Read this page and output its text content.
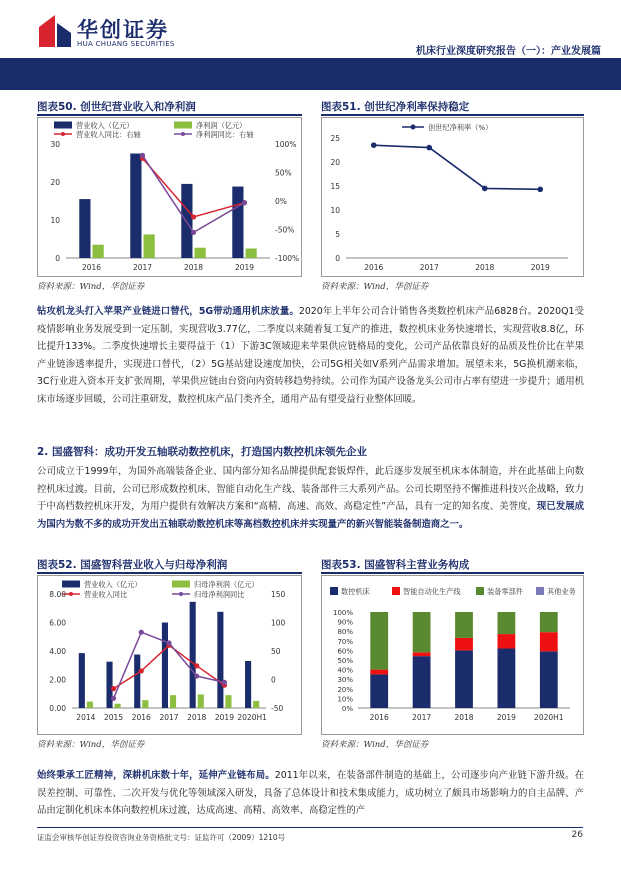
华创证券
HUA CHUANG SECURITIES
机床行业深度研究报告（一）：产业发展篇
图表50. 创世纪营业收入和净利润
营业收入（亿元）	净利润（亿元）
营业收入同比：右轴	净利润同比：右轴
0
10
20
30
-100%
-50%
0%
50%
100%
2016	2017	2018	2019
资料来源：Wind，华创证券
图表51. 创世纪净利率保持稳定
创世纪净利率（%）
0
5
10
15
20
25
2016	2017	2018	2019
资料来源：Wind，华创证券
钻攻机龙头打入苹果产业链进口替代，5G带动通用机床放量。2020年上半年公司合计销售各类数控机床产品6828台。2020Q1受疫情影响业务发展受到一定压制，实现营收3.77亿，二季度以来随着复工复产的推进，数控机床业务快速增长，实现营收8.8亿，环比提升133%。二季度快速增长主要得益于（1）下游3C领域迎来苹果供应链格局的变化，公司产品依靠良好的品质及性价比在苹果产业链渗透率提升，实现进口替代，（2）5G基站建设速度加快，公司5G相关如V系列产品需求增加。展望未来，5G换机潮来临，3C行业进入资本开支扩张周期，苹果供应链由台资向内资转移趋势持续。公司作为国产设备龙头公司市占率有望进一步提升；通用机床市场逐步回暖，公司注重研发，数控机床产品门类齐全，通用产品有望受益行业整体回暖。
2. 国盛智科：成功开发五轴联动数控机床，打造国内数控机床领先企业
公司成立于1999年，为国外高端装备企业、国内部分知名品牌提供配套钣焊件，此后逐步发展至机床本体制造，并在此基础上向数控机床过渡。目前，公司已形成数控机床、智能自动化生产线、装备部件三大系列产品。公司长期坚持不懈推进科技兴企战略，致力于中高档数控机床开发，为用户提供有效解决方案和“高精、高速、高效、高稳定性”产品，具有一定的知名度、美誉度，现已发展成为国内为数不多的成功开发出五轴联动数控机床等高档数控机床并实现量产的新兴智能装备制造商之一。
图表52. 国盛智科营业收入与归母净利润
营业收入（亿元）	归母净利润（亿元）
营业收入同比	归母净利润同比
0.00
2.00
4.00
6.00
8.00
-50
0
50
100
150
2014 2015 2016 2017 2018 2019 2020H1
资料来源：Wind，华创证券
图表53. 国盛智科主营业务构成
数控机床	智能自动化生产线	装备零部件	其他业务
0%
10%
20%
30%
40%
50%
60%
70%
80%
90%
100%
2016	2017	2018	2019 2020H1
资料来源：Wind，华创证券
始终秉承工匠精神，深耕机床数十年，延伸产业链布局。2011年以来，在装备部件制造的基础上，公司逐步向产业链下游升级。在误差控制、可靠性、二次开发与优化等领域深入研发，具备了总体设计和技术集成能力，成功树立了颇具市场影响力的自主品牌、产品由定制化机床本体向数控机床过渡，达成高速、高精、高效率、高稳定性的产
证监会审核华创证券投资咨询业务资格批文号：证监许可（2009）1210号	26
